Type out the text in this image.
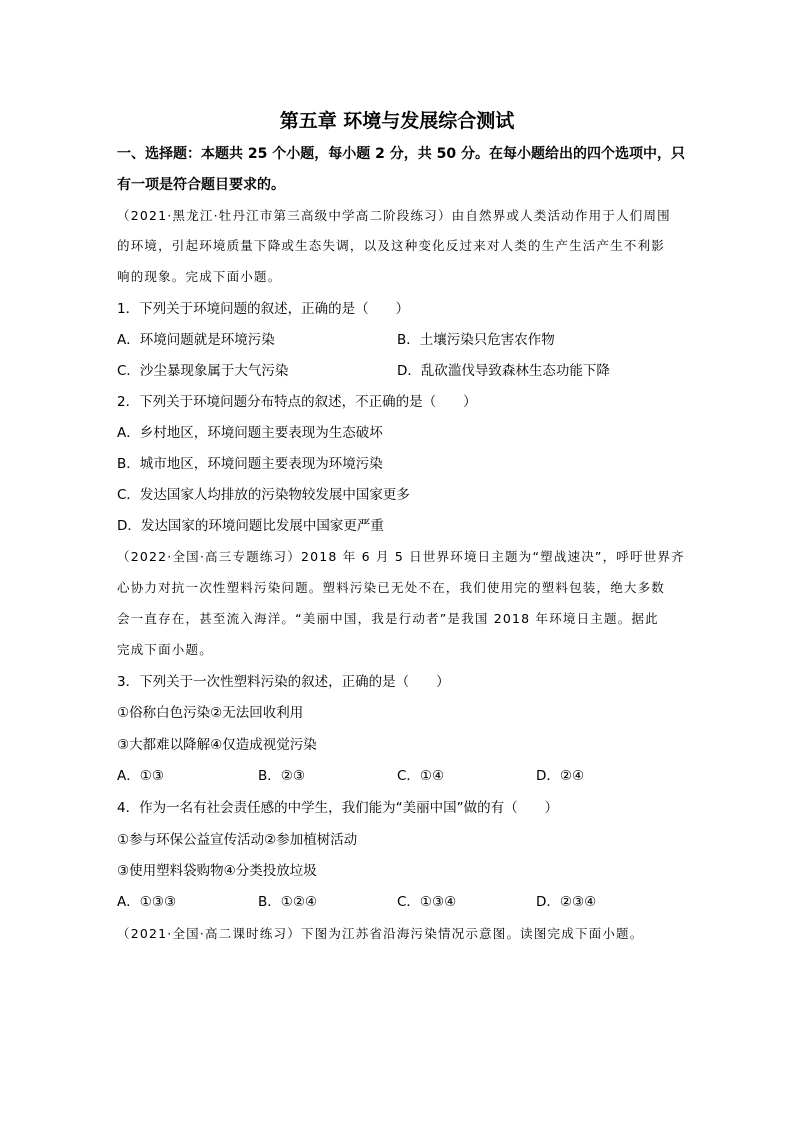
第五章 环境与发展综合测试
一、选择题：本题共 25 个小题，每小题 2 分，共 50 分。在每小题给出的四个选项中，只
有一项是符合题目要求的。
（2021·黑龙江·牡丹江市第三高级中学高二阶段练习）由自然界或人类活动作用于人们周围
的环境，引起环境质量下降或生态失调，以及这种变化反过来对人类的生产生活产生不利影
响的现象。完成下面小题。
1．下列关于环境问题的叙述，正确的是（　　）
A．环境问题就是环境污染	B．土壤污染只危害农作物
C．沙尘暴现象属于大气污染	D．乱砍滥伐导致森林生态功能下降
2．下列关于环境问题分布特点的叙述，不正确的是（　　）
A．乡村地区，环境问题主要表现为生态破坏
B．城市地区，环境问题主要表现为环境污染
C．发达国家人均排放的污染物较发展中国家更多
D．发达国家的环境问题比发展中国家更严重
（2022·全国·高三专题练习）2018 年 6 月 5 日世界环境日主题为“塑战速决”，呼吁世界齐
心协力对抗一次性塑料污染问题。塑料污染已无处不在，我们使用完的塑料包装，绝大多数
会一直存在，甚至流入海洋。“美丽中国，我是行动者”是我国 2018 年环境日主题。据此
完成下面小题。
3．下列关于一次性塑料污染的叙述，正确的是（　　）
①俗称白色污染②无法回收利用
③大都难以降解④仅造成视觉污染
A．①③	B．②③	C．①④	D．②④
4．作为一名有社会责任感的中学生，我们能为“美丽中国”做的有（　　）
①参与环保公益宣传活动②参加植树活动
③使用塑料袋购物④分类投放垃圾
A．①③③	B．①②④	C．①③④	D．②③④
（2021·全国·高二课时练习）下图为江苏省沿海污染情况示意图。读图完成下面小题。
